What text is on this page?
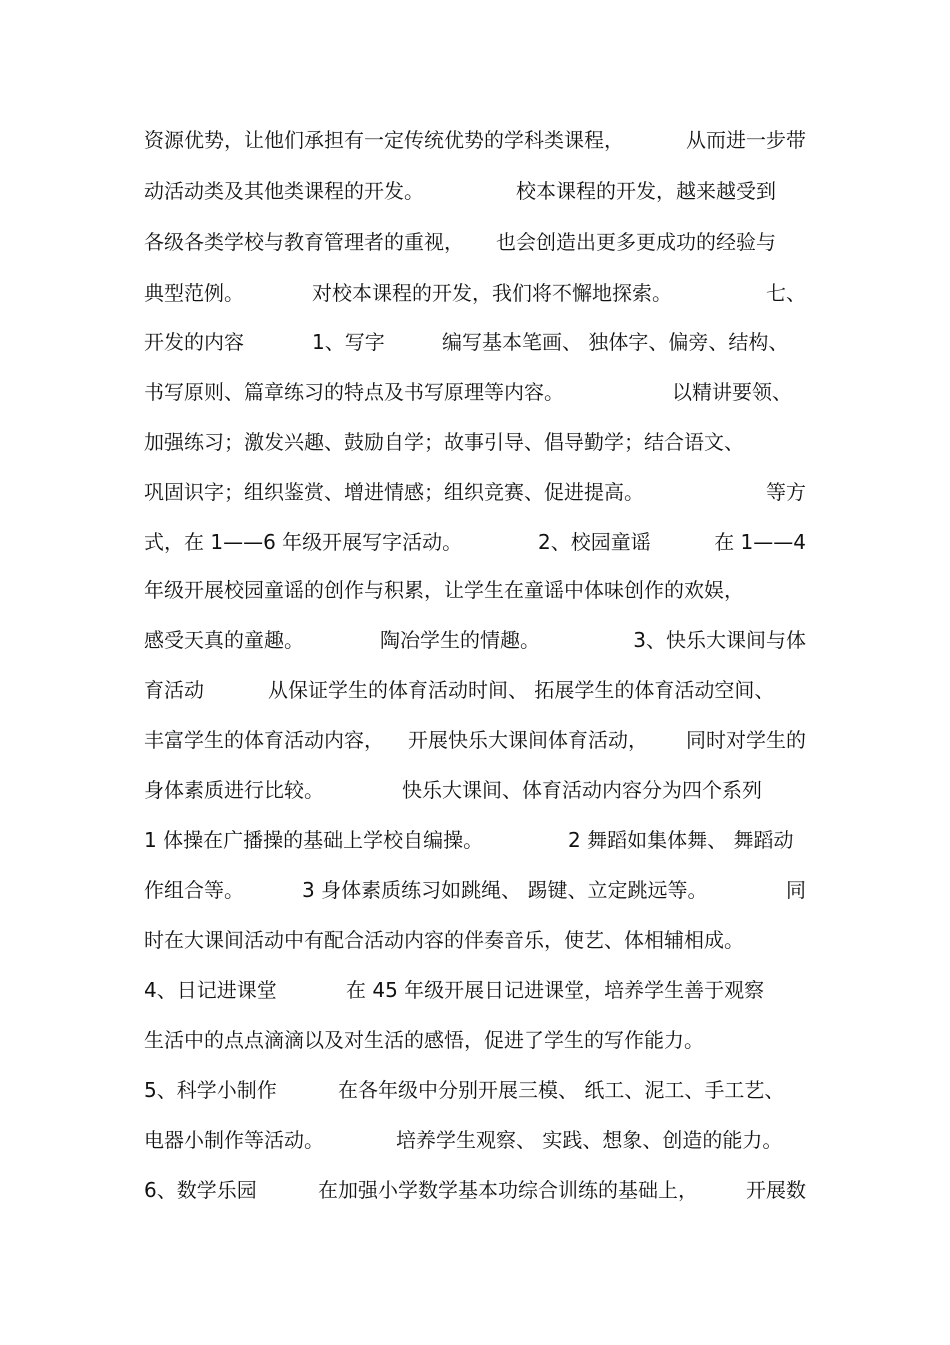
资源优势，让他们承担有一定传统优势的学科类课程，

	从而进一步带

动活动类及其他类课程的开发。

	校本课程的开发，越来越受到

各级各类学校与教育管理者的重视，

也会创造出更多更成功的经验与

典型范例。

	对校本课程的开发，我们将不懈地探索。

	七、

开发的内容

	1、写字

	编写基本笔画、 独体字、偏旁、结构、

书写原则、篇章练习的特点及书写原理等内容。

	以精讲要领、

加强练习；激发兴趣、鼓励自学；故事引导、倡导勤学；结合语文、

巩固识字；组织鉴赏、增进情感；组织竞赛、促进提高。

	等方

式，在 1——6 年级开展写字活动。

	2、校园童谣

	在 1——4

年级开展校园童谣的创作与积累，让学生在童谣中体味创作的欢娱，

感受天真的童趣。

	陶冶学生的情趣。

	3、快乐大课间与体

育活动

	从保证学生的体育活动时间、 拓展学生的体育活动空间、

丰富学生的体育活动内容，

开展快乐大课间体育活动，

同时对学生的

身体素质进行比较。

	快乐大课间、体育活动内容分为四个系列

1 体操在广播操的基础上学校自编操。

	2 舞蹈如集体舞、 舞蹈动

作组合等。

	3 身体素质练习如跳绳、 踢键、立定跳远等。

	同

时在大课间活动中有配合活动内容的伴奏音乐，使艺、体相辅相成。

4、日记进课堂

	在 45 年级开展日记进课堂，培养学生善于观察

生活中的点点滴滴以及对生活的感悟，促进了学生的写作能力。

5、科学小制作

	在各年级中分别开展三模、 纸工、泥工、手工艺、

电器小制作等活动。

	培养学生观察、 实践、想象、创造的能力。

6、数学乐园

	在加强小学数学基本功综合训练的基础上，

开展数
